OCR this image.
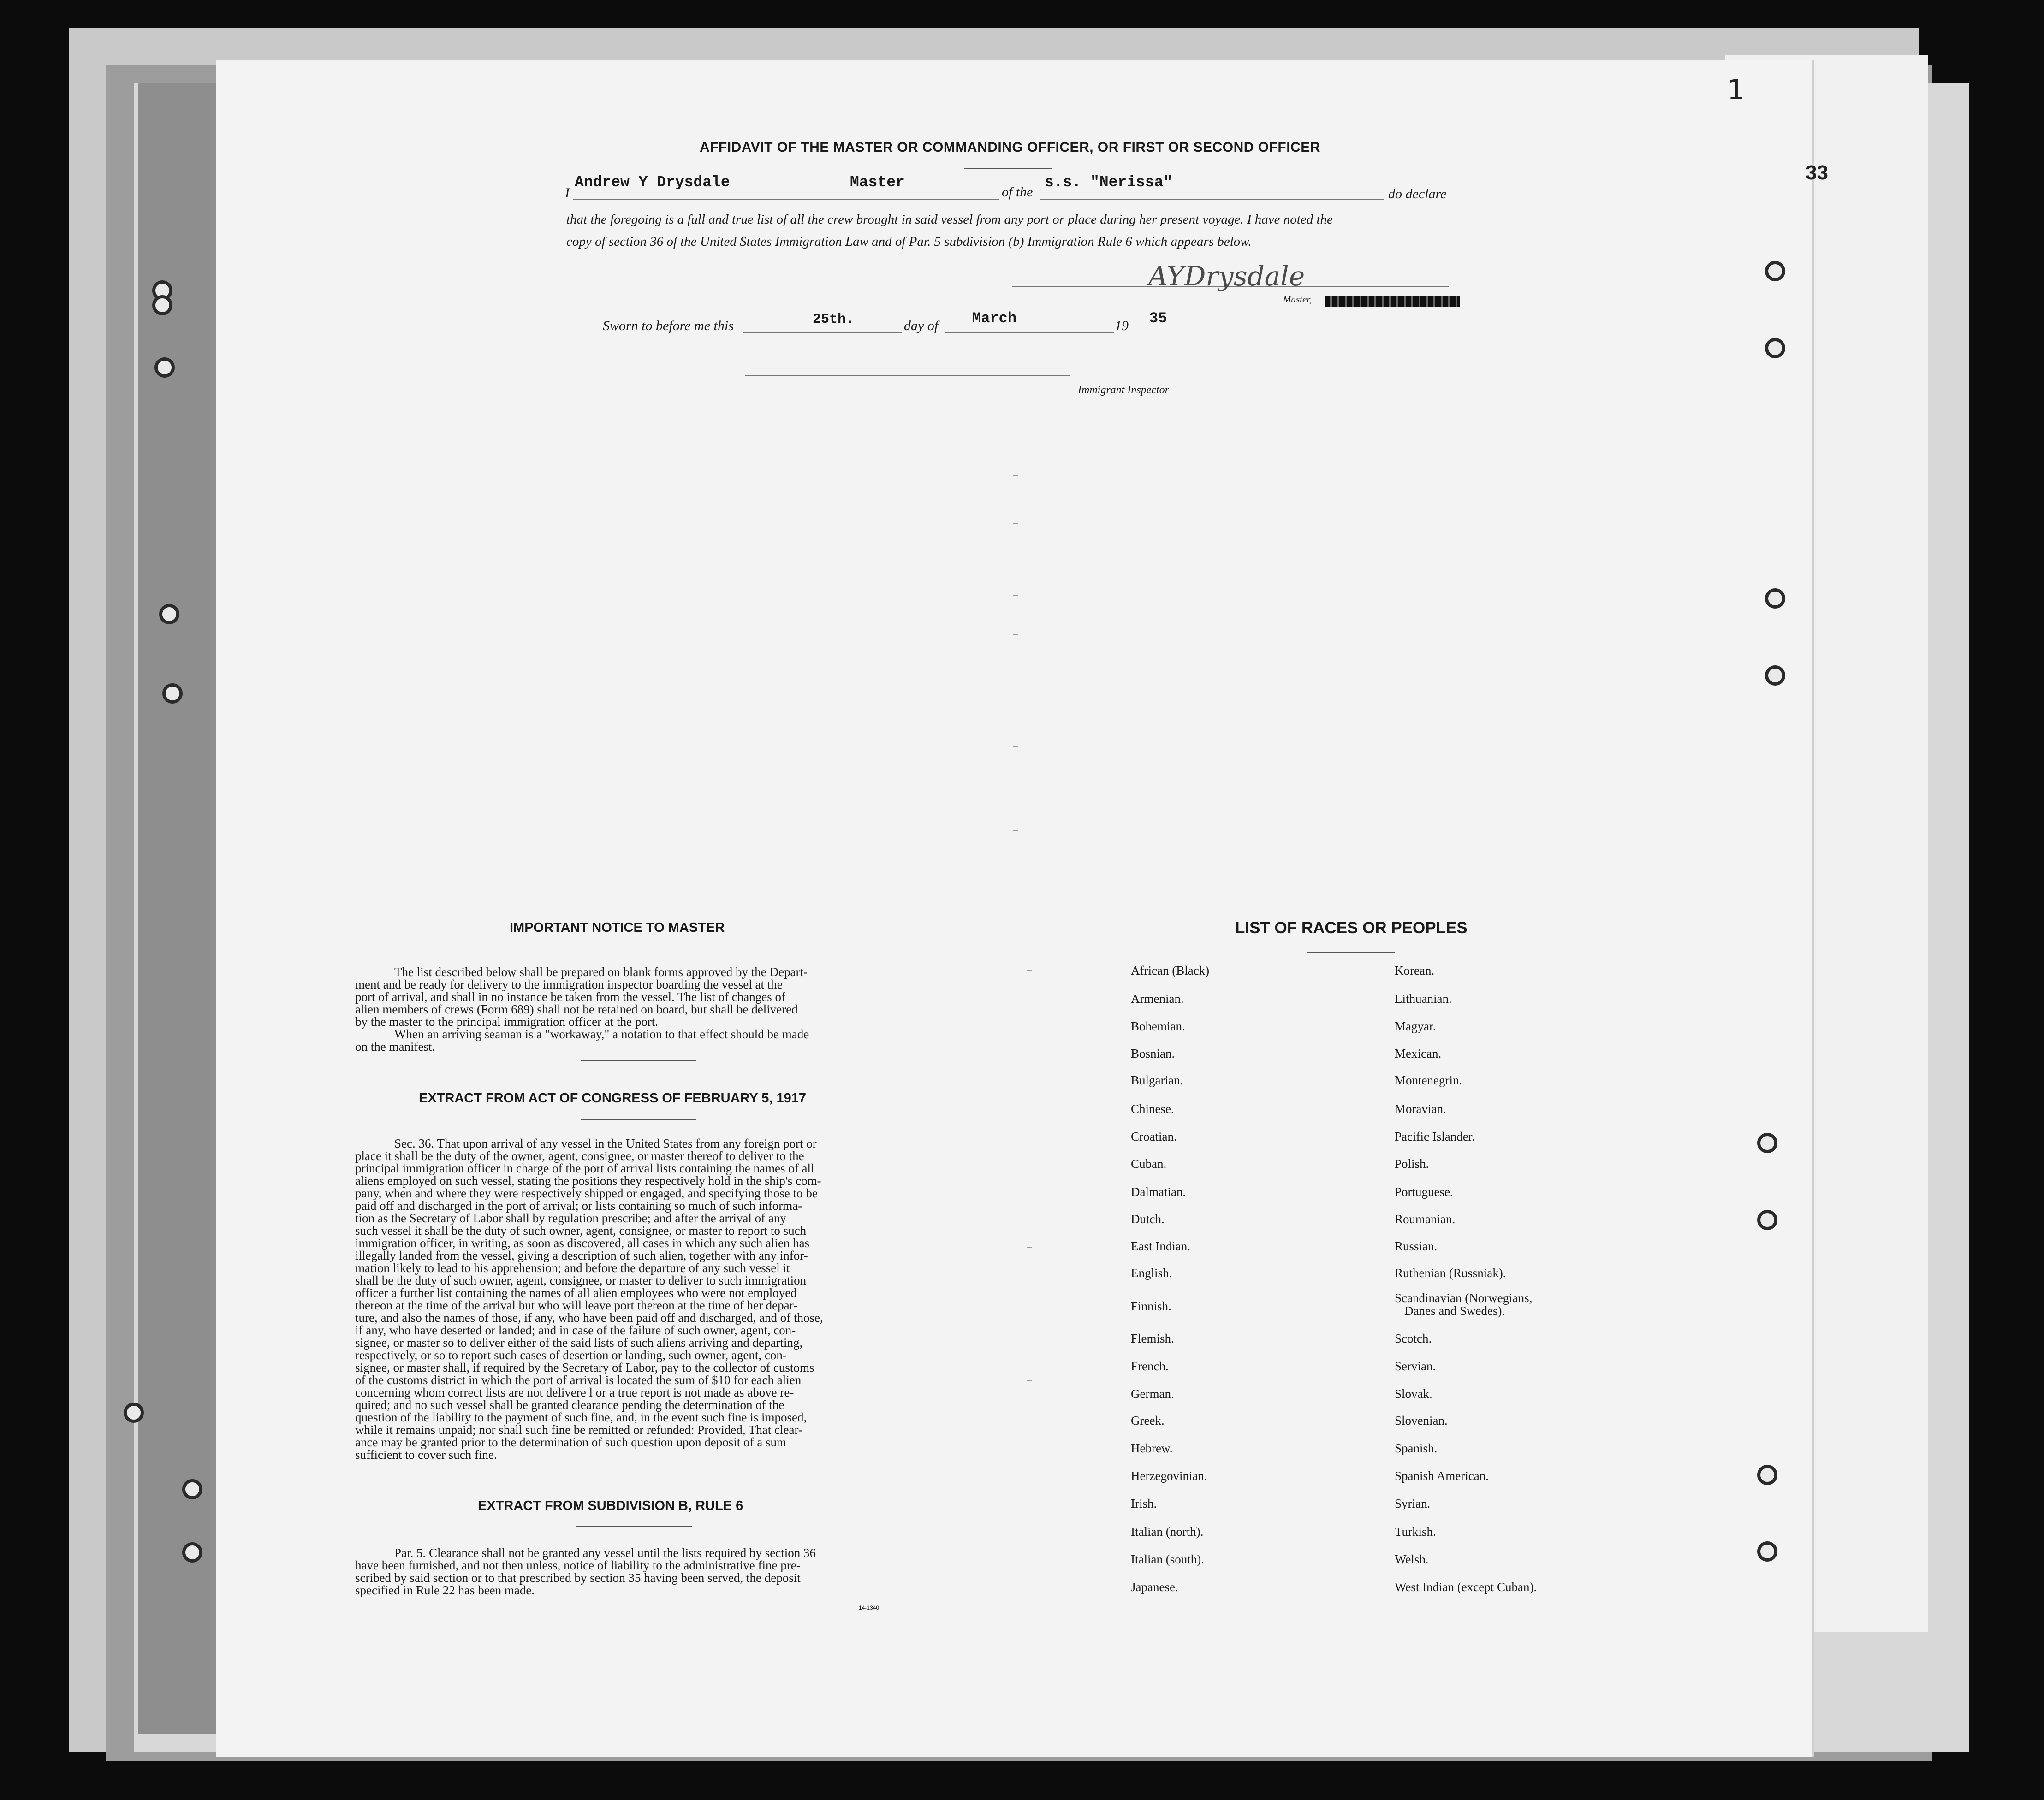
1
33
AFFIDAVIT OF THE MASTER OR COMMANDING OFFICER, OR FIRST OR SECOND OFFICER
I
Andrew Y Drysdale	Master
of the
s.s. "Nerissa"
do declare
that the foregoing is a full and true list of all the crew brought in said vessel from any port or place during her present voyage. I have noted the
copy of section 36 of the United States Immigration Law and of Par. 5 subdivision (b) Immigration Rule 6 which appears below.
AYDrysdale
Master,
Sworn to before me this	25th.	day of March	19 35
Immigrant Inspector
IMPORTANT NOTICE TO MASTER
The list described below shall be prepared on blank forms approved by the Depart-
ment and be ready for delivery to the immigration inspector boarding the vessel at the
port of arrival, and shall in no instance be taken from the vessel. The list of changes of
alien members of crews (Form 689) shall not be retained on board, but shall be delivered
by the master to the principal immigration officer at the port.
When an arriving seaman is a "workaway," a notation to that effect should be made
on the manifest.
EXTRACT FROM ACT OF CONGRESS OF FEBRUARY 5, 1917
Sec. 36. That upon arrival of any vessel in the United States from any foreign port or
place it shall be the duty of the owner, agent, consignee, or master thereof to deliver to the
principal immigration officer in charge of the port of arrival lists containing the names of all
aliens employed on such vessel, stating the positions they respectively hold in the ship's com-
pany, when and where they were respectively shipped or engaged, and specifying those to be
paid off and discharged in the port of arrival; or lists containing so much of such informa-
tion as the Secretary of Labor shall by regulation prescribe; and after the arrival of any
such vessel it shall be the duty of such owner, agent, consignee, or master to report to such
immigration officer, in writing, as soon as discovered, all cases in which any such alien has
illegally landed from the vessel, giving a description of such alien, together with any infor-
mation likely to lead to his apprehension; and before the departure of any such vessel it
shall be the duty of such owner, agent, consignee, or master to deliver to such immigration
officer a further list containing the names of all alien employees who were not employed
thereon at the time of the arrival but who will leave port thereon at the time of her depar-
ture, and also the names of those, if any, who have been paid off and discharged, and of those,
if any, who have deserted or landed; and in case of the failure of such owner, agent, con-
signee, or master so to deliver either of the said lists of such aliens arriving and departing,
respectively, or so to report such cases of desertion or landing, such owner, agent, con-
signee, or master shall, if required by the Secretary of Labor, pay to the collector of customs
of the customs district in which the port of arrival is located the sum of $10 for each alien
concerning whom correct lists are not delivere l or a true report is not made as above re-
quired; and no such vessel shall be granted clearance pending the determination of the
question of the liability to the payment of such fine, and, in the event such fine is imposed,
while it remains unpaid; nor shall such fine be remitted or refunded: Provided, That clear-
ance may be granted prior to the determination of such question upon deposit of a sum
sufficient to cover such fine.
EXTRACT FROM SUBDIVISION B, RULE 6
Par. 5. Clearance shall not be granted any vessel until the lists required by section 36
have been furnished, and not then unless, notice of liability to the administrative fine pre-
scribed by said section or to that prescribed by section 35 having been served, the deposit
specified in Rule 22 has been made.
14-1340
LIST OF RACES OR PEOPLES
African (Black)
Armenian.
Bohemian.
Bosnian.
Bulgarian.
Chinese.
Croatian.
Cuban.
Dalmatian.
Dutch.
East Indian.
English.
Finnish.
Flemish.
French.
German.
Greek.
Hebrew.
Herzegovinian.
Irish.
Italian (north).
Italian (south).
Japanese.
Korean.
Lithuanian.
Magyar.
Mexican.
Montenegrin.
Moravian.
Pacific Islander.
Polish.
Portuguese.
Roumanian.
Russian.
Ruthenian (Russniak).
Scandinavian (Norwegians,
Danes and Swedes).
Scotch.
Servian.
Slovak.
Slovenian.
Spanish.
Spanish American.
Syrian.
Turkish.
Welsh.
West Indian (except Cuban).
